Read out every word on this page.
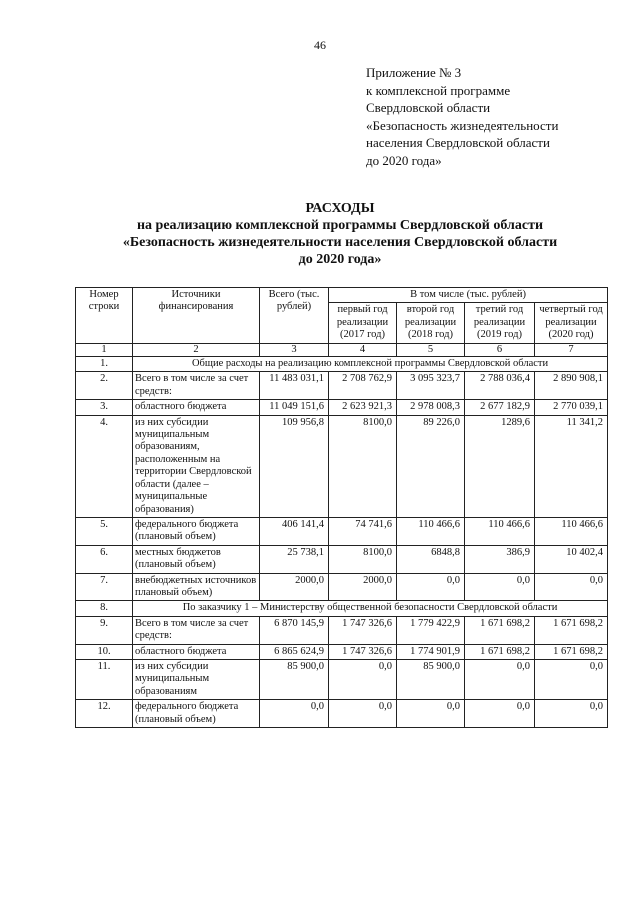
46
Приложение № 3
к комплексной программе
Свердловской области
«Безопасность жизнедеятельности
населения Свердловской области
до 2020 года»
РАСХОДЫ
на реализацию комплексной программы Свердловской области
«Безопасность жизнедеятельности населения Свердловской области
до 2020 года»
Номер строки	Источники финансирования	Всего (тыс. рублей)	В том числе (тыс. рублей)			
			первый год реализации (2017 год)	второй год реализации (2018 год)	третий год реализации (2019 год)	четвертый год реализации (2020 год)
1	2	3	4	5	6	7
1.	Общие расходы на реализацию комплексной программы Свердловской области					
2.	Всего в том числе за счет средств:	11 483 031,1	2 708 762,9	3 095 323,7	2 788 036,4	2 890 908,1
3.	областного бюджета	11 049 151,6	2 623 921,3	2 978 008,3	2 677 182,9	2 770 039,1
4.	из них субсидии муниципальным образованиям, расположенным на территории Свердловской области (далее – муниципальные образования)	109 956,8	8100,0	89 226,0	1289,6	11 341,2
5.	федерального бюджета (плановый объем)	406 141,4	74 741,6	110 466,6	110 466,6	110 466,6
6.	местных бюджетов (плановый объем)	25 738,1	8100,0	6848,8	386,9	10 402,4
7.	внебюджетных источников плановый объем)	2000,0	2000,0	0,0	0,0	0,0
8.	По заказчику 1 – Министерству общественной безопасности Свердловской области					
9.	Всего в том числе за счет средств:	6 870 145,9	1 747 326,6	1 779 422,9	1 671 698,2	1 671 698,2
10.	областного бюджета	6 865 624,9	1 747 326,6	1 774 901,9	1 671 698,2	1 671 698,2
11.	из них субсидии муниципальным образованиям	85 900,0	0,0	85 900,0	0,0	0,0
12.	федерального бюджета (плановый объем)	0,0	0,0	0,0	0,0	0,0
